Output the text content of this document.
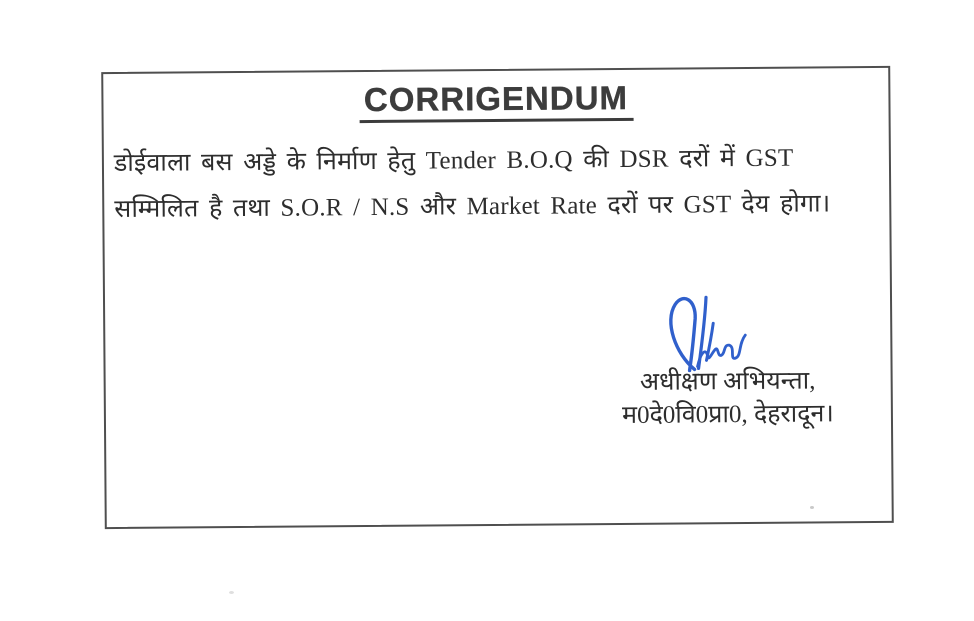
CORRIGENDUM
डोईवाला बस अड्डे के निर्माण हेतु Tender B.O.Q की DSR दरों में GST
सम्मिलित है तथा S.O.R / N.S और Market Rate दरों पर GST देय होगा।
अधीक्षण अभियन्ता,
म0दे0वि0प्रा0, देहरादून।
